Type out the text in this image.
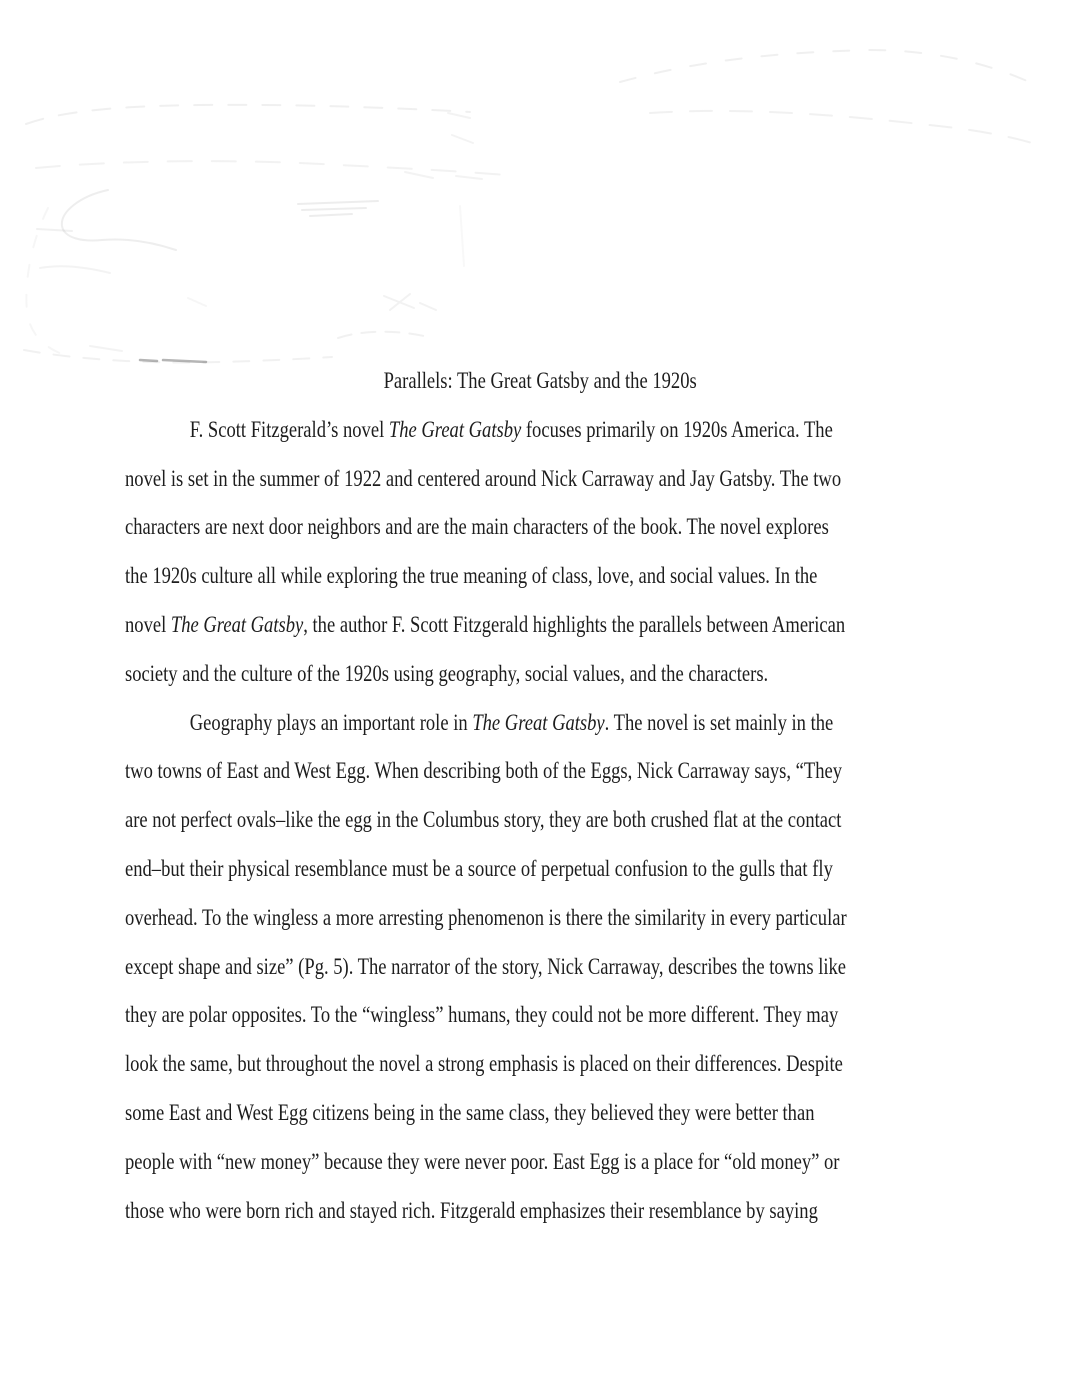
Parallels: The Great Gatsby and the 1920s
F. Scott Fitzgerald’s novel The Great Gatsby focuses primarily on 1920s America. The
novel is set in the summer of 1922 and centered around Nick Carraway and Jay Gatsby. The two
characters are next door neighbors and are the main characters of the book. The novel explores
the 1920s culture all while exploring the true meaning of class, love, and social values. In the
novel The Great Gatsby, the author F. Scott Fitzgerald highlights the parallels between American
society and the culture of the 1920s using geography, social values, and the characters.
Geography plays an important role in The Great Gatsby. The novel is set mainly in the
two towns of East and West Egg. When describing both of the Eggs, Nick Carraway says, “They
are not perfect ovals–like the egg in the Columbus story, they are both crushed flat at the contact
end–but their physical resemblance must be a source of perpetual confusion to the gulls that fly
overhead. To the wingless a more arresting phenomenon is there the similarity in every particular
except shape and size” (Pg. 5). The narrator of the story, Nick Carraway, describes the towns like
they are polar opposites. To the “wingless” humans, they could not be more different. They may
look the same, but throughout the novel a strong emphasis is placed on their differences. Despite
some East and West Egg citizens being in the same class, they believed they were better than
people with “new money” because they were never poor. East Egg is a place for “old money” or
those who were born rich and stayed rich. Fitzgerald emphasizes their resemblance by saying
